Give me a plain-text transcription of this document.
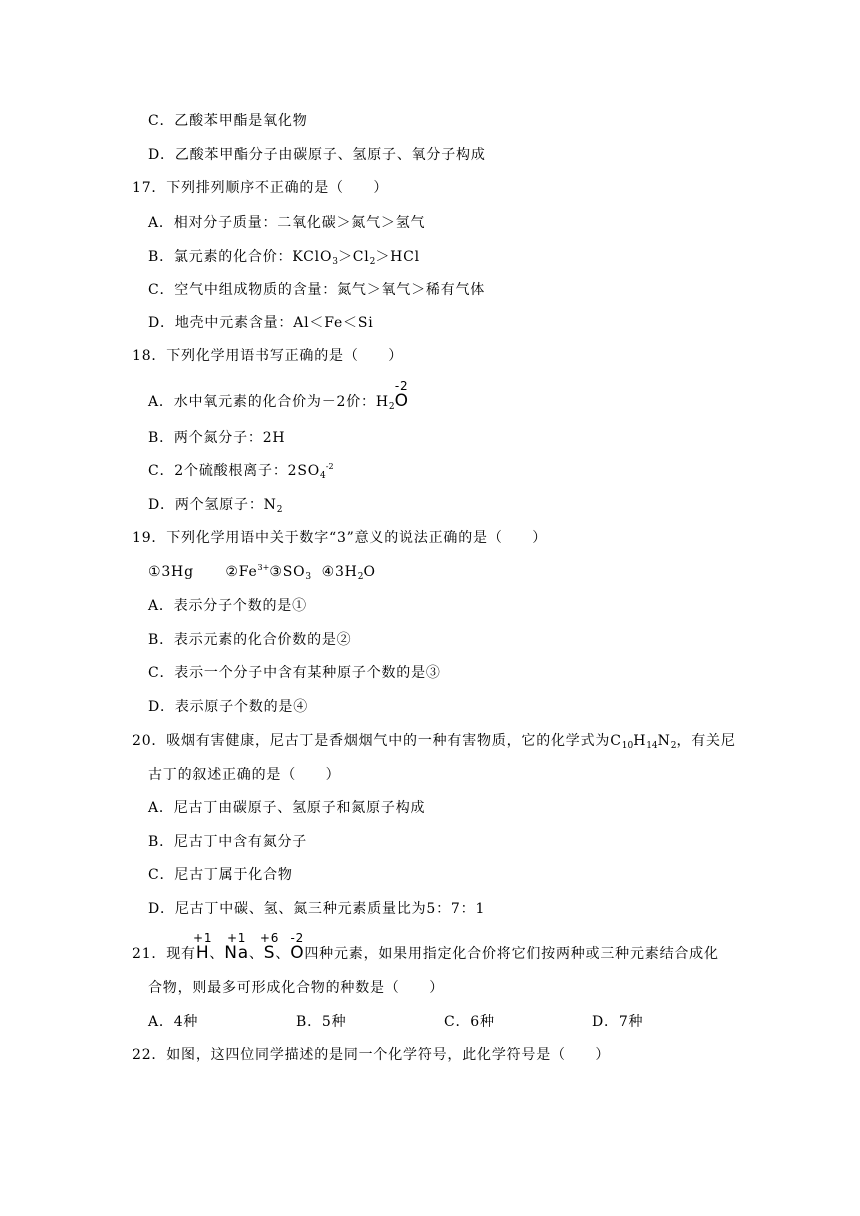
C．乙酸苯甲酯是氧化物
D．乙酸苯甲酯分子由碳原子、氢原子、氧分子构成
17．下列排列顺序不正确的是（　　）
A．相对分子质量：二氧化碳＞氮气＞氢气
B．氯元素的化合价：$KClO_3>Cl_2>HCl$
C．空气中组成物质的含量：氮气＞氧气＞稀有气体
D．地壳中元素含量：Al＜Fe＜Si
18．下列化学用语书写正确的是（　　）
A．水中氧元素的化合价为－2价：$H_2$
-2
O
B．两个氮分子：2H
C．2个硫酸根离子：$2SO_4^{-2}$
D．两个氢原子：$N_2$
19．下列化学用语中关于数字“3”意义的说法正确的是（　　）
①3Hg $②Fe^{3+}③SO_3$ $④3H_2O$
A．表示分子个数的是①
B．表示元素的化合价数的是②
C．表示一个分子中含有某种原子个数的是③
D．表示原子个数的是④
20．吸烟有害健康，尼古丁是香烟烟气中的一种有害物质，它的化学式为$C_{10}H_{14}N_2$，有关尼
古丁的叙述正确的是（　　）
A．尼古丁由碳原子、氢原子和氮原子构成
B．尼古丁中含有氮分子
C．尼古丁属于化合物
D．尼古丁中碳、氢、氮三种元素质量比为5：7：1
21．现有
+1
H、
+1
Na、
+6
S、
-2
O四种元素，如果用指定化合价将它们按两种或三种元素结合成化
合物，则最多可形成化合物的种数是（　　）
A．4种	B．5种	C．6种	D．7种
22．如图，这四位同学描述的是同一个化学符号，此化学符号是（　　）
